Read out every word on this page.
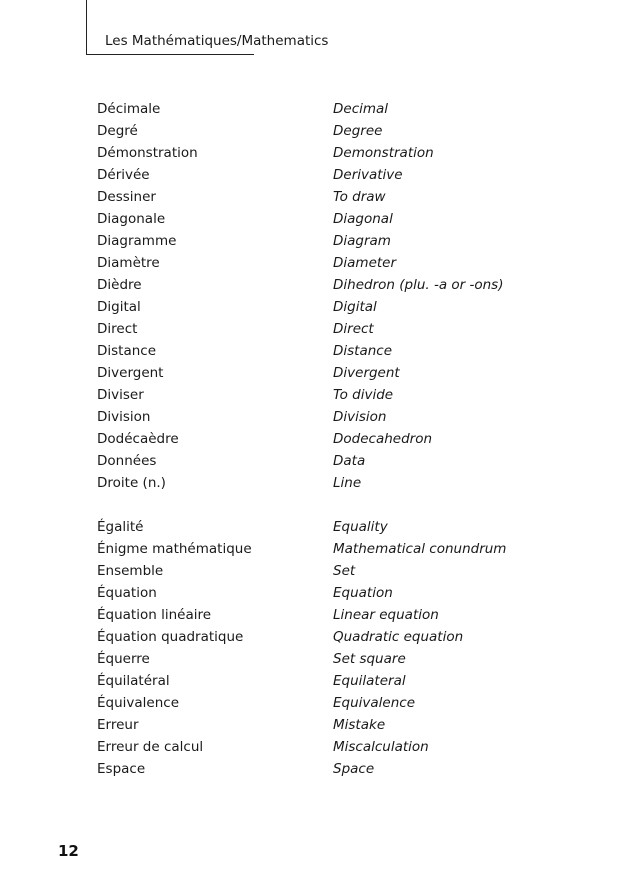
Les Mathématiques/Mathematics
Décimale	Decimal
Degré	Degree
Démonstration	Demonstration
Dérivée	Derivative
Dessiner	To draw
Diagonale	Diagonal
Diagramme	Diagram
Diamètre	Diameter
Dièdre	Dihedron (plu. -a or -ons)
Digital	Digital
Direct	Direct
Distance	Distance
Divergent	Divergent
Diviser	To divide
Division	Division
Dodécaèdre	Dodecahedron
Données	Data
Droite (n.)	Line
Égalité	Equality
Énigme mathématique	Mathematical conundrum
Ensemble	Set
Équation	Equation
Équation linéaire	Linear equation
Équation quadratique	Quadratic equation
Équerre	Set square
Équilatéral	Equilateral
Équivalence	Equivalence
Erreur	Mistake
Erreur de calcul	Miscalculation
Espace	Space
12
